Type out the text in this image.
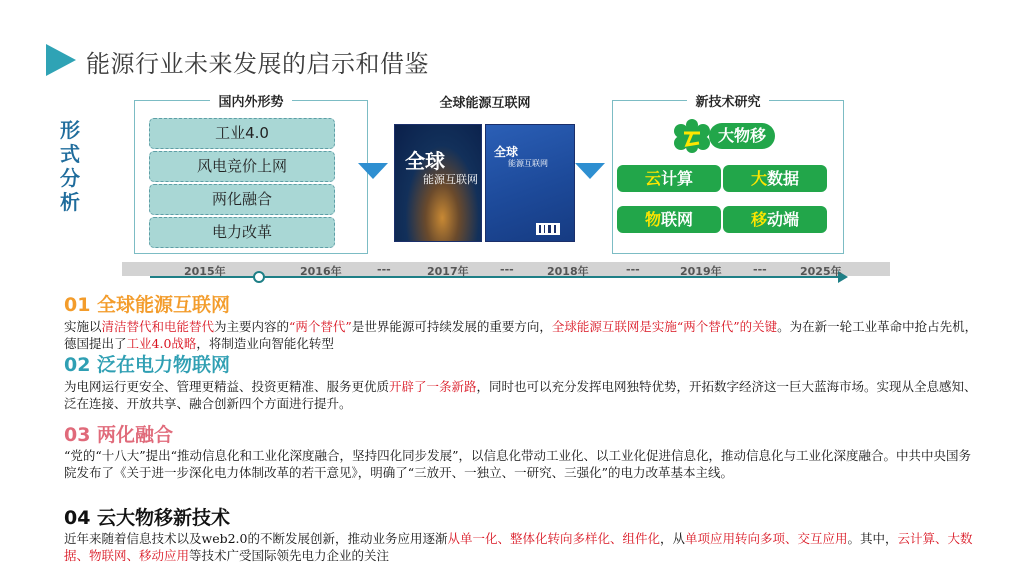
能源行业未来发展的启示和借鉴
形
式
分
析
国内外形势
工业4.0
风电竞价上网
两化融合
电力改革
全球能源互联网
全球
能源互联网
全球
能源互联网
新技术研究
大物移
云计算	大数据
物联网	移动端
2015年	2016年	---	2017年	---	2018年	---	2019年	---	2025年
01 全球能源互联网
实施以清洁替代和电能替代为主要内容的“两个替代”是世界能源可持续发展的重要方向，全球能源互联网是实施“两个替代”的关键。为在新一轮工业革命中抢占先机，德国提出了工业4.0战略，将制造业向智能化转型
02 泛在电力物联网
为电网运行更安全、管理更精益、投资更精准、服务更优质开辟了一条新路，同时也可以充分发挥电网独特优势，开拓数字经济这一巨大蓝海市场。实现从全息感知、泛在连接、开放共享、融合创新四个方面进行提升。
03 两化融合
“党的“十八大”提出“推动信息化和工业化深度融合，坚持四化同步发展”，以信息化带动工业化、以工业化促进信息化，推动信息化与工业化深度融合。中共中央国务院发布了《关于进一步深化电力体制改革的若干意见》，明确了“三放开、一独立、一研究、三强化”的电力改革基本主线。
04 云大物移新技术
近年来随着信息技术以及web2.0的不断发展创新，推动业务应用逐渐从单一化、整体化转向多样化、组件化，从单项应用转向多项、交互应用。其中，云计算、大数据、物联网、移动应用等技术广受国际领先电力企业的关注
